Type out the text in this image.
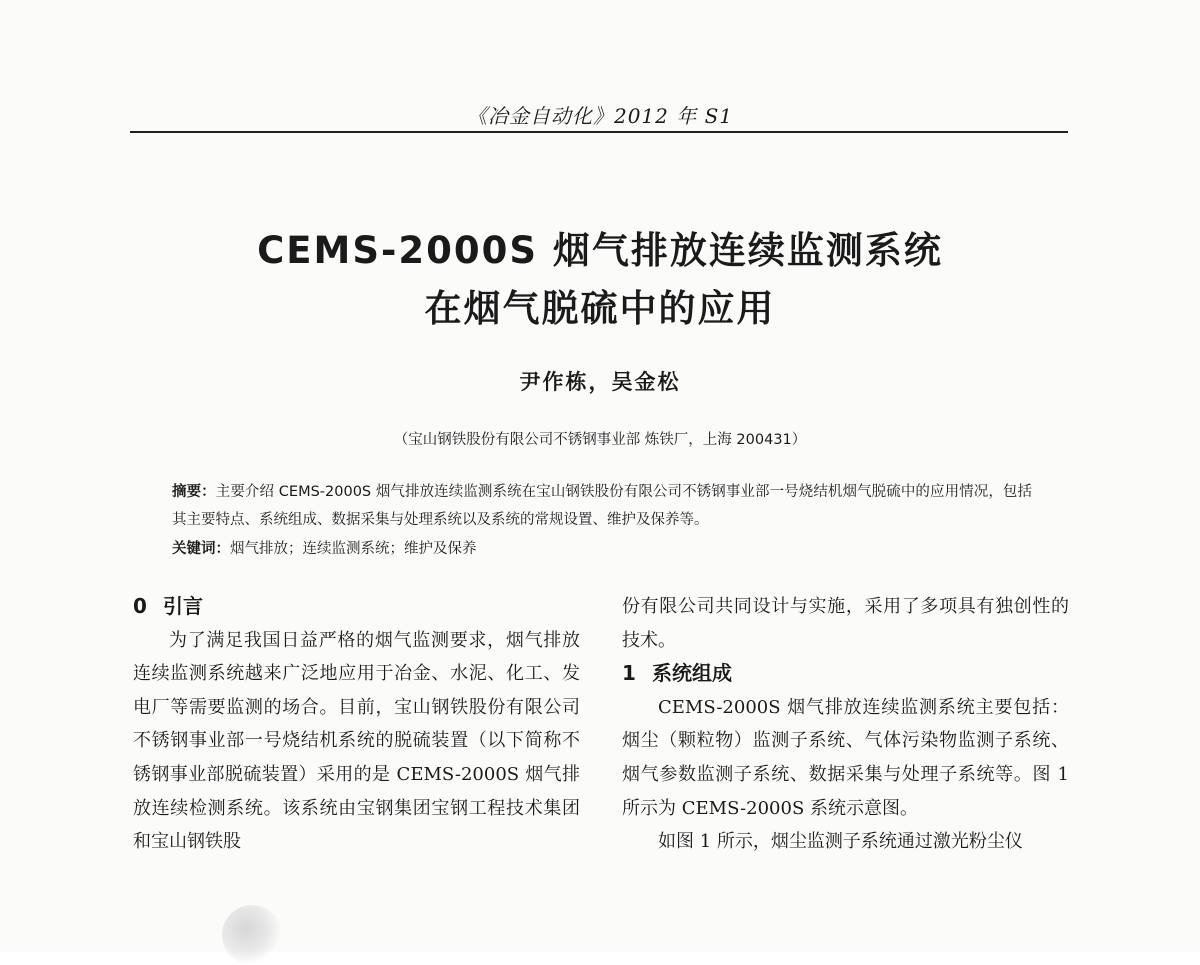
《冶金自动化》2012 年 S1
CEMS-2000S 烟气排放连续监测系统
在烟气脱硫中的应用
尹作栋，吴金松
（宝山钢铁股份有限公司不锈钢事业部 炼铁厂，上海 200431）
摘要：主要介绍 CEMS-2000S 烟气排放连续监测系统在宝山钢铁股份有限公司不锈钢事业部一号烧结机烟气脱硫中的应用情况，包括其主要特点、系统组成、数据采集与处理系统以及系统的常规设置、维护及保养等。
关键词：烟气排放；连续监测系统；维护及保养
0 引言

为了满足我国日益严格的烟气监测要求，烟气排放连续监测系统越来广泛地应用于冶金、水泥、化工、发电厂等需要监测的场合。目前，宝山钢铁股份有限公司不锈钢事业部一号烧结机系统的脱硫装置（以下简称不锈钢事业部脱硫装置）采用的是 CEMS-2000S 烟气排放连续检测系统。该系统由宝钢集团宝钢工程技术集团和宝山钢铁股

份有限公司共同设计与实施，采用了多项具有独创性的技术。

1 系统组成

CEMS-2000S 烟气排放连续监测系统主要包括：烟尘（颗粒物）监测子系统、气体污染物监测子系统、烟气参数监测子系统、数据采集与处理子系统等。图 1 所示为 CEMS-2000S 系统示意图。

如图 1 所示，烟尘监测子系统通过激光粉尘仪
